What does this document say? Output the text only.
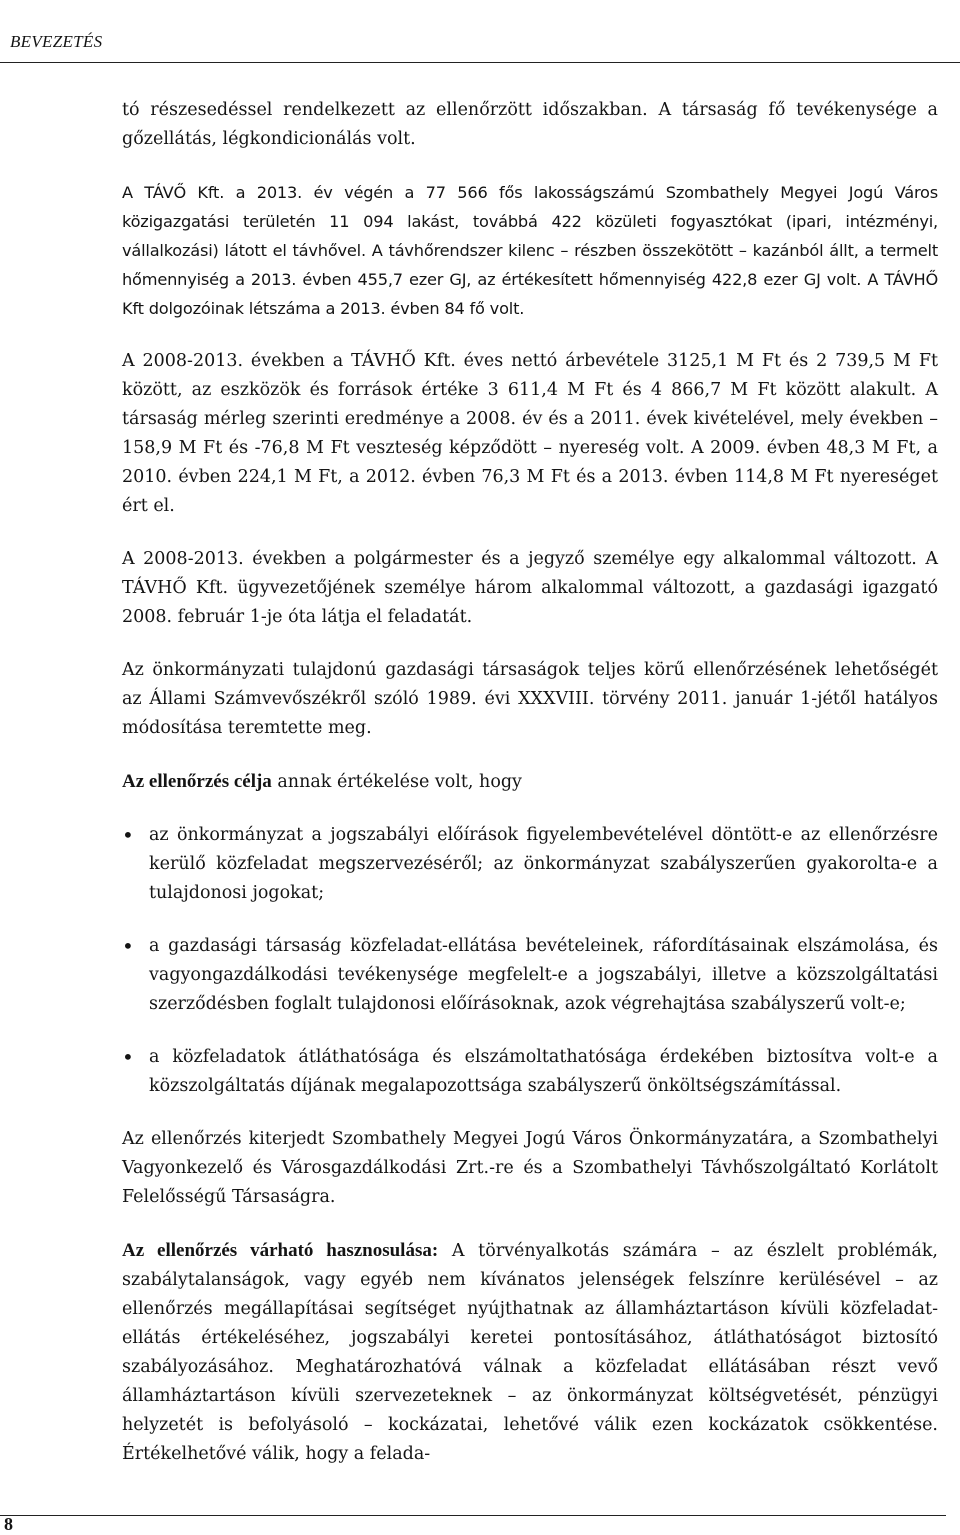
BEVEZETÉS

tó részesedéssel rendelkezett az ellenőrzött időszakban. A társaság fő tevékenysége a gőzellátás, légkondicionálás volt.

A TÁVŐ Kft. a 2013. év végén a 77 566 fős lakosságszámú Szombathely Megyei Jogú Város közigazgatási területén 11 094 lakást, továbbá 422 közületi fogyasztókat (ipari, intézményi, vállalkozási) látott el távhővel. A távhőrendszer kilenc – részben összekötött – kazánból állt, a termelt hőmennyiség a 2013. évben 455,7 ezer GJ, az értékesített hőmennyiség 422,8 ezer GJ volt. A TÁVHŐ Kft dolgozóinak létszáma a 2013. évben 84 fő volt.

A 2008-2013. években a TÁVHŐ Kft. éves nettó árbevétele 3125,1 M Ft és 2 739,5 M Ft között, az eszközök és források értéke 3 611,4 M Ft és 4 866,7 M Ft között alakult. A társaság mérleg szerinti eredménye a 2008. év és a 2011. évek kivételével, mely években – 158,9 M Ft és -76,8 M Ft veszteség képződött – nyereség volt. A 2009. évben 48,3 M Ft, a 2010. évben 224,1 M Ft, a 2012. évben 76,3 M Ft és a 2013. évben 114,8 M Ft nyereséget ért el.

A 2008-2013. években a polgármester és a jegyző személye egy alkalommal változott. A TÁVHŐ Kft. ügyvezetőjének személye három alkalommal változott, a gazdasági igazgató 2008. február 1-je óta látja el feladatát.

Az önkormányzati tulajdonú gazdasági társaságok teljes körű ellenőrzésének lehetőségét az Állami Számvevőszékről szóló 1989. évi XXXVIII. törvény 2011. január 1-jétől hatályos módosítása teremtette meg.

Az ellenőrzés célja annak értékelése volt, hogy

• az önkormányzat a jogszabályi előírások figyelembevételével döntött-e az ellenőrzésre kerülő közfeladat megszervezéséről; az önkormányzat szabályszerűen gyakorolta-e a tulajdonosi jogokat;
• a gazdasági társaság közfeladat-ellátása bevételeinek, ráfordításainak elszámolása, és vagyongazdálkodási tevékenysége megfelelt-e a jogszabályi, illetve a közszolgáltatási szerződésben foglalt tulajdonosi előírásoknak, azok végrehajtása szabályszerű volt-e;
• a közfeladatok átláthatósága és elszámoltathatósága érdekében biztosítva volt-e a közszolgáltatás díjának megalapozottsága szabályszerű önköltségszámítással.

Az ellenőrzés kiterjedt Szombathely Megyei Jogú Város Önkormányzatára, a Szombathelyi Vagyonkezelő és Városgazdálkodási Zrt.-re és a Szombathelyi Távhőszolgáltató Korlátolt Felelősségű Társaságra.

Az ellenőrzés várható hasznosulása: A törvényalkotás számára – az észlelt problémák, szabálytalanságok, vagy egyéb nem kívánatos jelenségek felszínre kerülésével – az ellenőrzés megállapításai segítséget nyújthatnak az államháztartáson kívüli közfeladat-ellátás értékeléséhez, jogszabályi keretei pontosításához, átláthatóságot biztosító szabályozásához. Meghatározhatóvá válnak a közfeladat ellátásában részt vevő államháztartáson kívüli szervezeteknek – az önkormányzat költségvetését, pénzügyi helyzetét is befolyásoló – kockázatai, lehetővé válik ezen kockázatok csökkentése. Értékelhetővé válik, hogy a felada-

8
